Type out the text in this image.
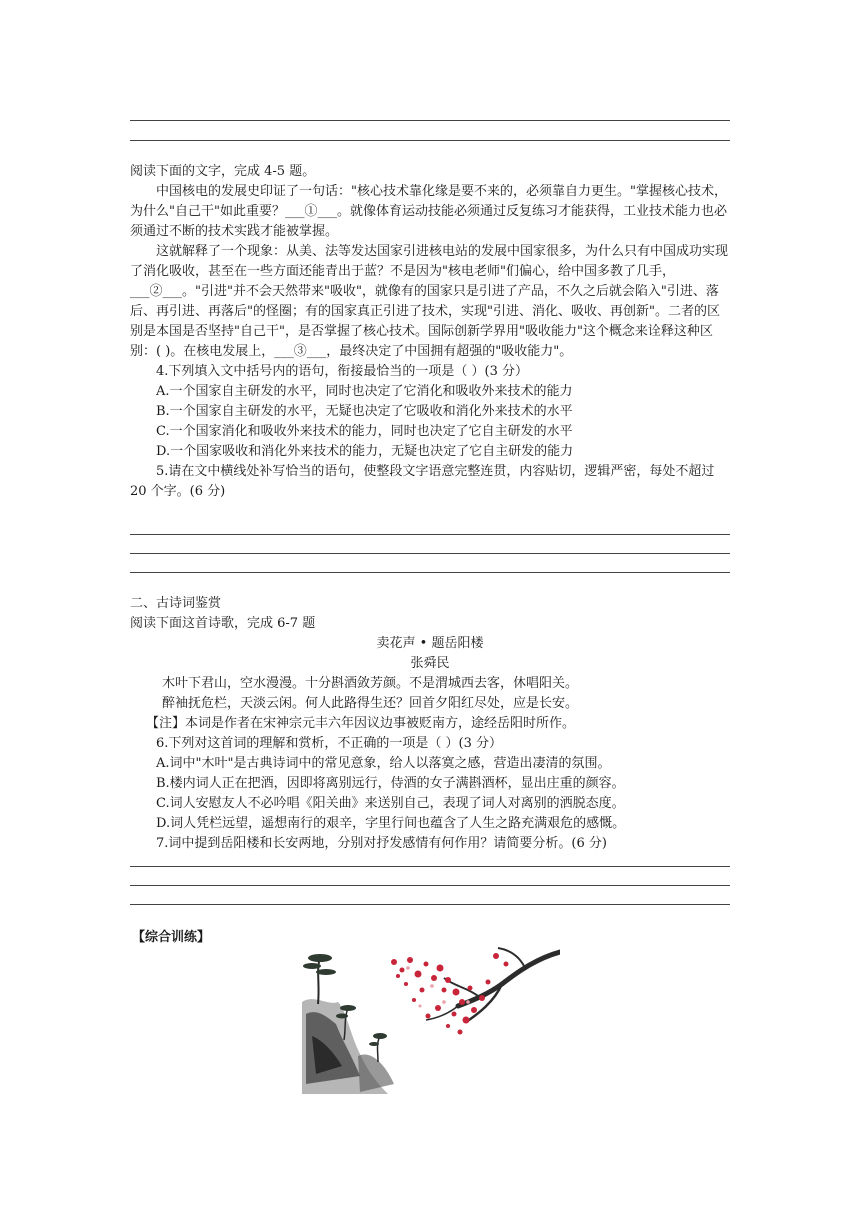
阅读下面的文字，完成 4-5 题。

中国核电的发展史印证了一句话："核心技术靠化缘是要不来的，必须靠自力更生。"掌握核心技术，为什么"自己干"如此重要？___①___。就像体育运动技能必须通过反复练习才能获得，工业技术能力也必须通过不断的技术实践才能被掌握。

这就解释了一个现象：从美、法等发达国家引进核电站的发展中国家很多，为什么只有中国成功实现了消化吸收，甚至在一些方面还能青出于蓝？不是因为"核电老师"们偏心，给中国多教了几手，___②___。"引进"并不会天然带来"吸收"，就像有的国家只是引进了产品，不久之后就会陷入"引进、落后、再引进、再落后"的怪圈；有的国家真正引进了技术，实现"引进、消化、吸收、再创新"。二者的区别是本国是否坚持"自己干"，是否掌握了核心技术。国际创新学界用"吸收能力"这个概念来诠释这种区别：( )。在核电发展上，___③___，最终决定了中国拥有超强的"吸收能力"。

4.下列填入文中括号内的语句，衔接最恰当的一项是（ ）(3 分）

A.一个国家自主研发的水平，同时也决定了它消化和吸收外来技术的能力

B.一个国家自主研发的水平，无疑也决定了它吸收和消化外来技术的水平

C.一个国家消化和吸收外来技术的能力，同时也决定了它自主研发的水平

D.一个国家吸收和消化外来技术的能力，无疑也决定了它自主研发的能力

5.请在文中横线处补写恰当的语句，使整段文字语意完整连贯，内容贴切，逻辑严密，每处不超过 20 个字。(6 分)

二、古诗词鉴赏

阅读下面这首诗歌，完成 6-7 题

卖花声 • 题岳阳楼

张舜民

木叶下君山，空水漫漫。十分斟酒敛芳颜。不是渭城西去客，休唱阳关。

醉袖抚危栏，天淡云闲。何人此路得生还？回首夕阳红尽处，应是长安。

【注】本词是作者在宋神宗元丰六年因议边事被贬南方，途经岳阳时所作。

6.下列对这首词的理解和赏析，不正确的一项是（ ）(3 分）

A.词中"木叶"是古典诗词中的常见意象，给人以落寞之感，营造出凄清的氛围。

B.楼内词人正在把酒，因即将离别远行，侍酒的女子满斟酒杯，显出庄重的颜容。

C.词人安慰友人不必吟唱《阳关曲》来送别自己，表现了词人对离别的洒脱态度。

D.词人凭栏远望，遥想南行的艰辛，字里行间也蕴含了人生之路充满艰危的感慨。

7.词中提到岳阳楼和长安两地，分别对抒发感情有何作用？请简要分析。(6 分)

【综合训练】
